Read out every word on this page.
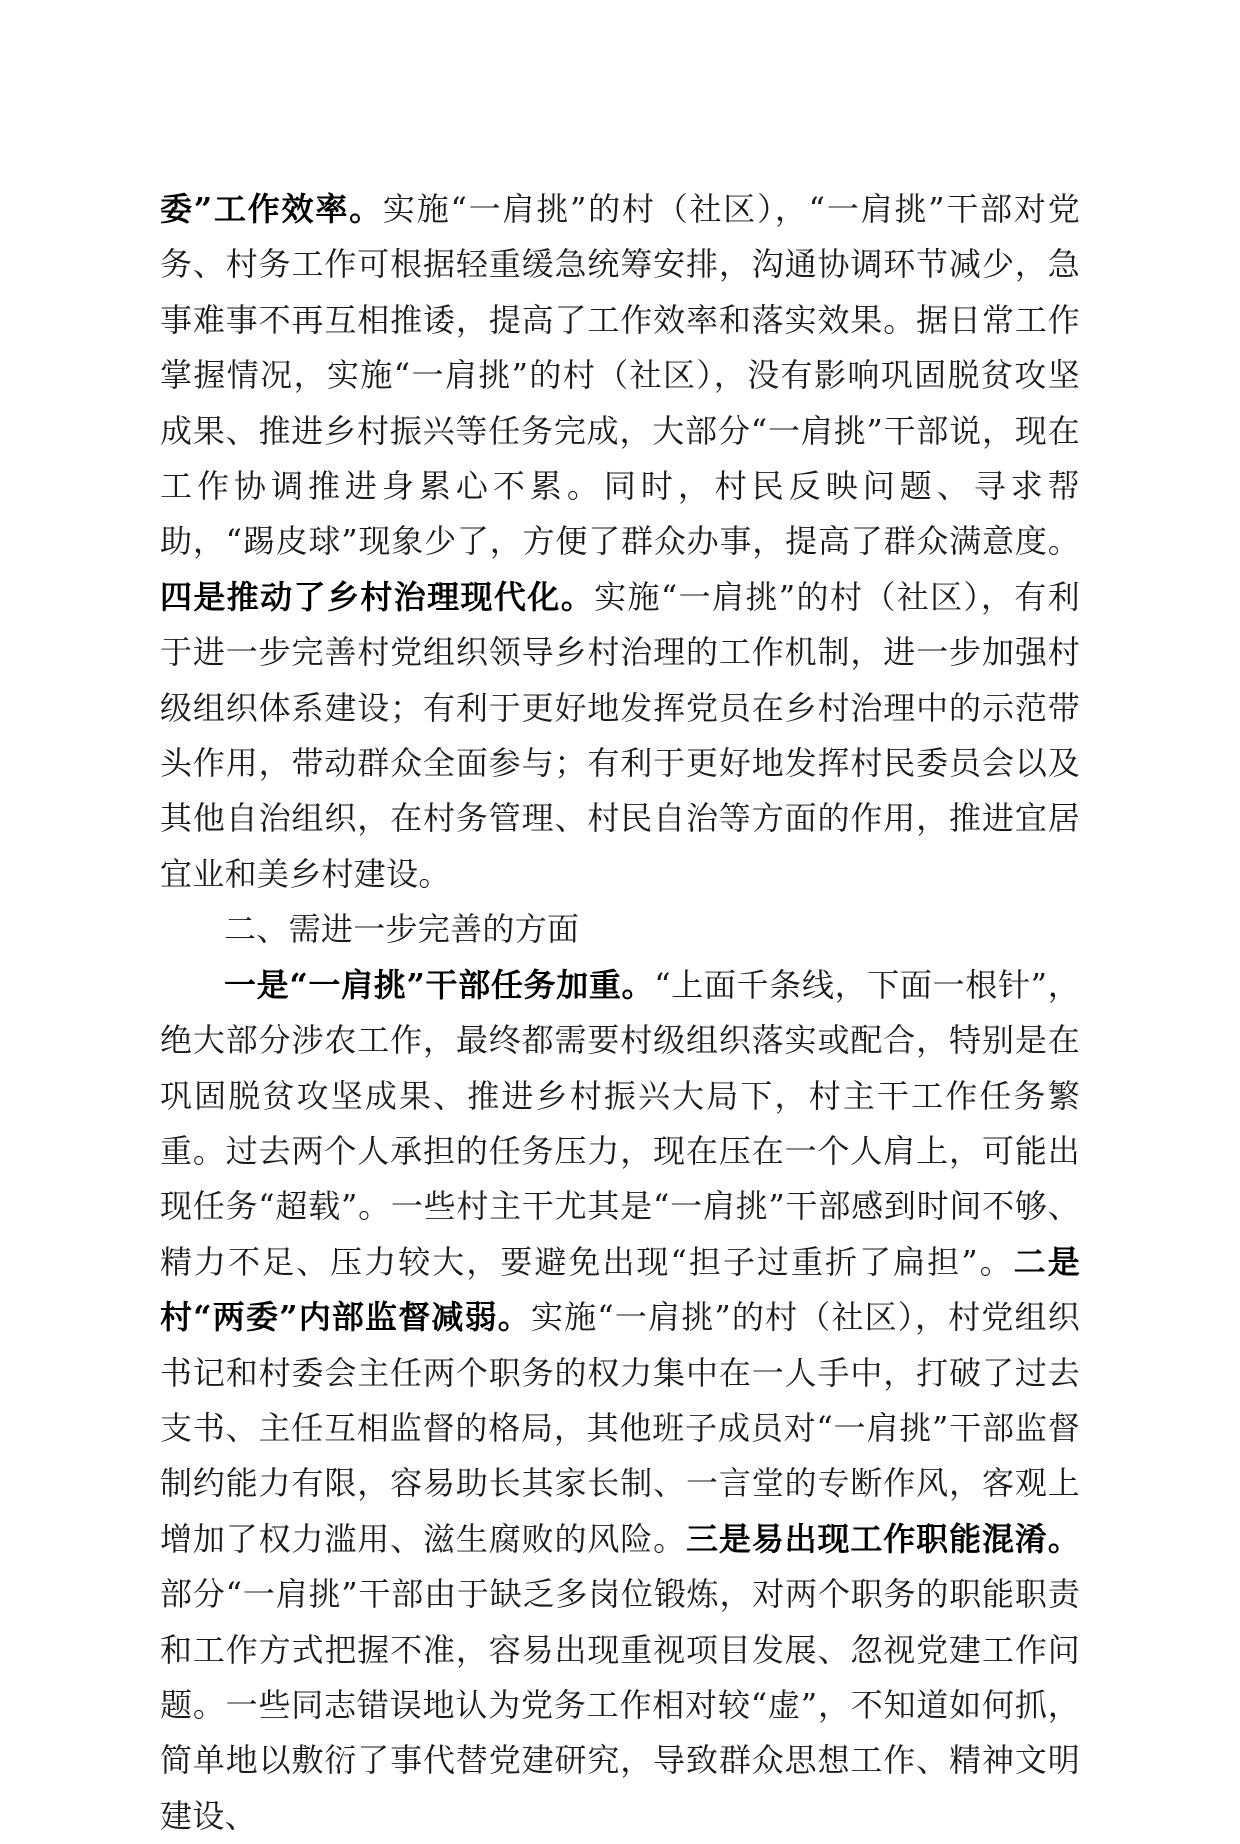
委”工作效率。实施“一肩挑”的村（社区），“一肩挑”干部对党务、村务工作可根据轻重缓急统筹安排，沟通协调环节减少，急事难事不再互相推诿，提高了工作效率和落实效果。据日常工作掌握情况，实施“一肩挑”的村（社区），没有影响巩固脱贫攻坚成果、推进乡村振兴等任务完成，大部分“一肩挑”干部说，现在工作协调推进身累心不累。同时，村民反映问题、寻求帮助，“踢皮球”现象少了，方便了群众办事，提高了群众满意度。四是推动了乡村治理现代化。实施“一肩挑”的村（社区），有利于进一步完善村党组织领导乡村治理的工作机制，进一步加强村级组织体系建设；有利于更好地发挥党员在乡村治理中的示范带头作用，带动群众全面参与；有利于更好地发挥村民委员会以及其他自治组织，在村务管理、村民自治等方面的作用，推进宜居宜业和美乡村建设。

二、需进一步完善的方面

一是“一肩挑”干部任务加重。“上面千条线，下面一根针”，绝大部分涉农工作，最终都需要村级组织落实或配合，特别是在巩固脱贫攻坚成果、推进乡村振兴大局下，村主干工作任务繁重。过去两个人承担的任务压力，现在压在一个人肩上，可能出现任务“超载”。一些村主干尤其是“一肩挑”干部感到时间不够、精力不足、压力较大，要避免出现“担子过重折了扁担”。二是村“两委”内部监督减弱。实施“一肩挑”的村（社区），村党组织书记和村委会主任两个职务的权力集中在一人手中，打破了过去支书、主任互相监督的格局，其他班子成员对“一肩挑”干部监督制约能力有限，容易助长其家长制、一言堂的专断作风，客观上增加了权力滥用、滋生腐败的风险。三是易出现工作职能混淆。部分“一肩挑”干部由于缺乏多岗位锻炼，对两个职务的职能职责和工作方式把握不准，容易出现重视项目发展、忽视党建工作问题。一些同志错误地认为党务工作相对较“虚”，不知道如何抓，简单地以敷衍了事代替党建研究，导致群众思想工作、精神文明建设、
